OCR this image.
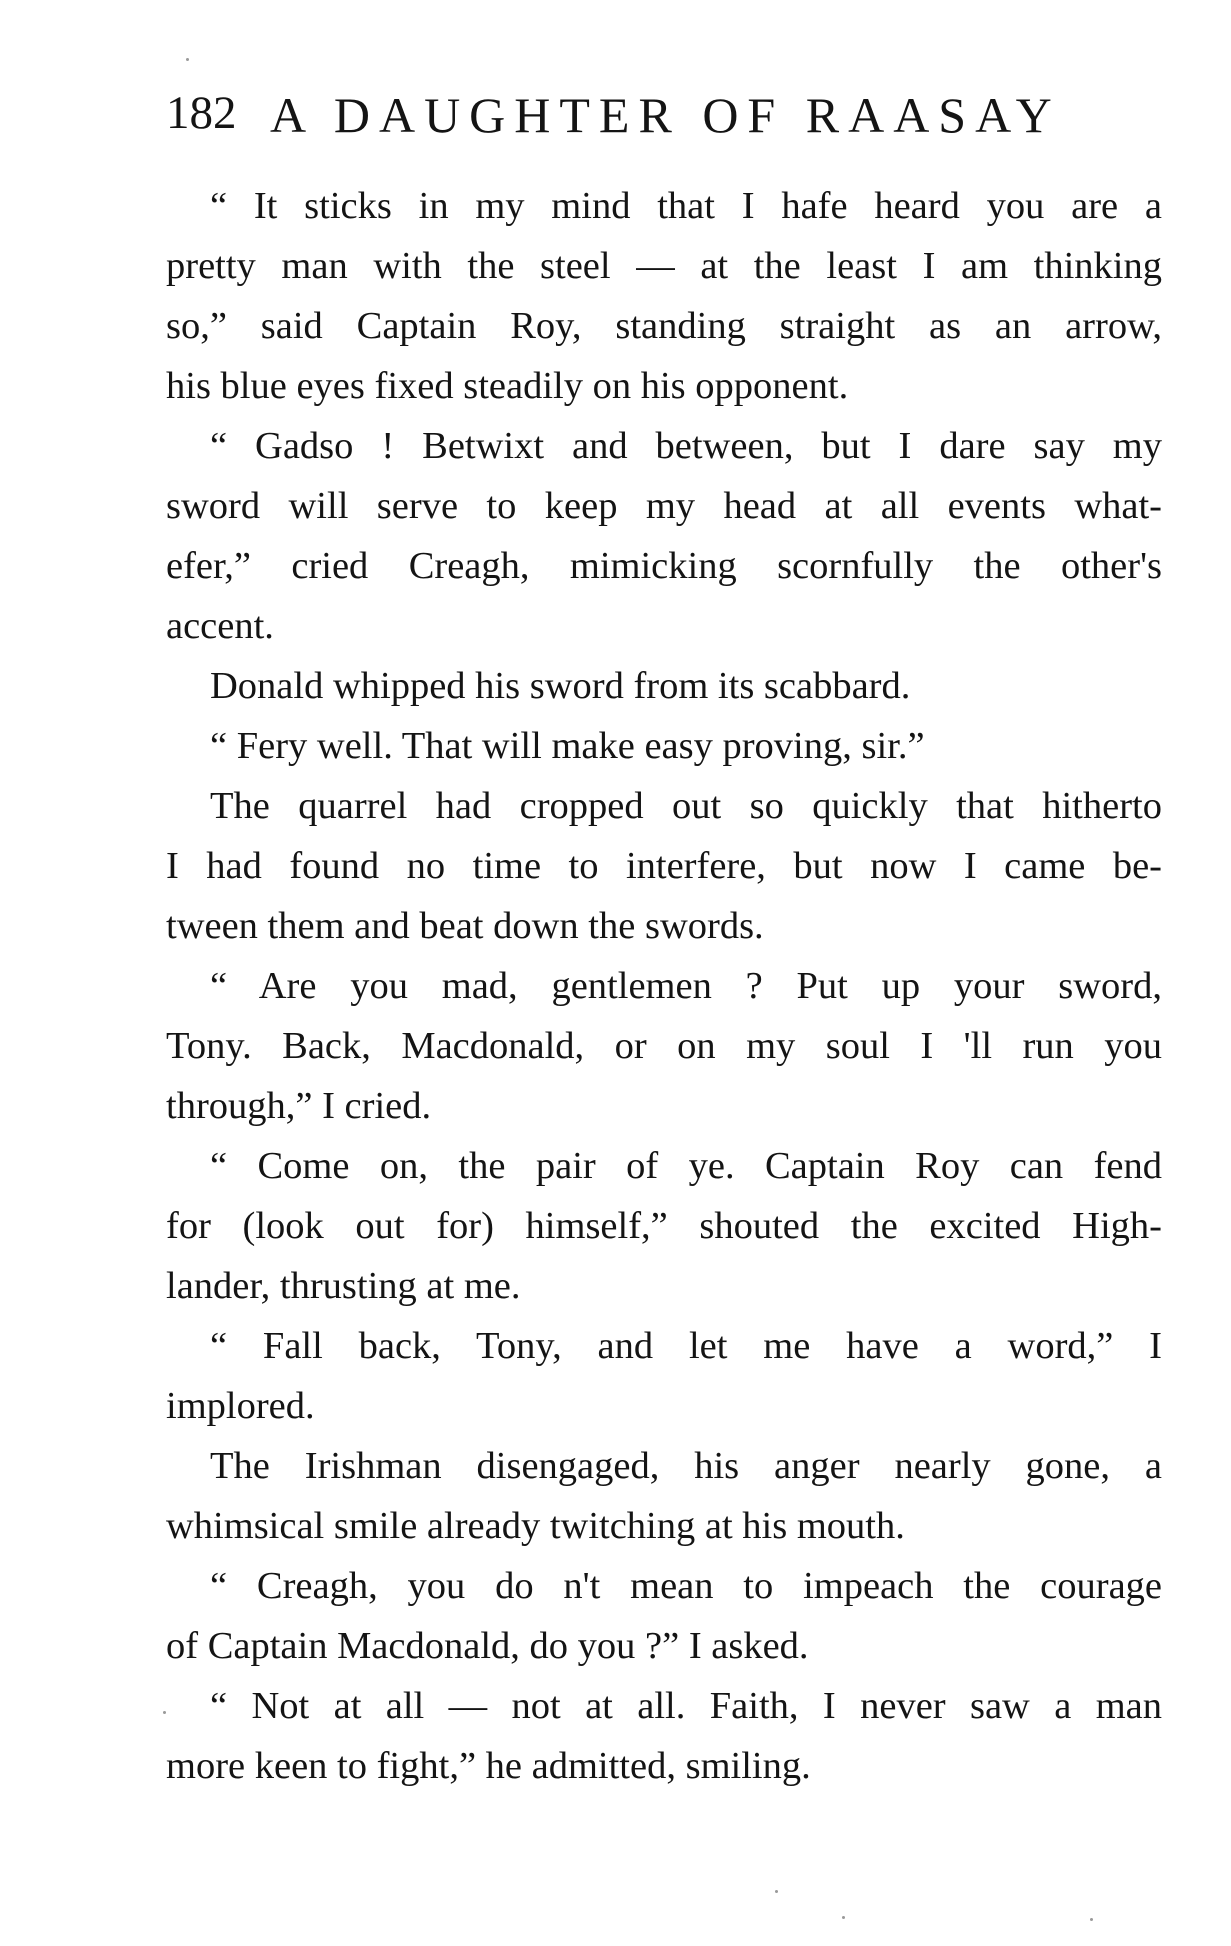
182 A DAUGHTER OF RAASAY
“ It sticks in my mind that I hafe heard you are a
pretty man with the steel — at the least I am thinking
so,” said Captain Roy, standing straight as an arrow,
his blue eyes fixed steadily on his opponent.
“ Gadso ! Betwixt and between, but I dare say my
sword will serve to keep my head at all events what-
efer,” cried Creagh, mimicking scornfully the other's
accent.
Donald whipped his sword from its scabbard.
“ Fery well. That will make easy proving, sir.”
The quarrel had cropped out so quickly that hitherto
I had found no time to interfere, but now I came be-
tween them and beat down the swords.
“ Are you mad, gentlemen ? Put up your sword,
Tony. Back, Macdonald, or on my soul I 'll run you
through,” I cried.
“ Come on, the pair of ye. Captain Roy can fend
for (look out for) himself,” shouted the excited High-
lander, thrusting at me.
“ Fall back, Tony, and let me have a word,” I
implored.
The Irishman disengaged, his anger nearly gone, a
whimsical smile already twitching at his mouth.
“ Creagh, you do n't mean to impeach the courage
of Captain Macdonald, do you ?” I asked.
“ Not at all — not at all. Faith, I never saw a man
more keen to fight,” he admitted, smiling.
